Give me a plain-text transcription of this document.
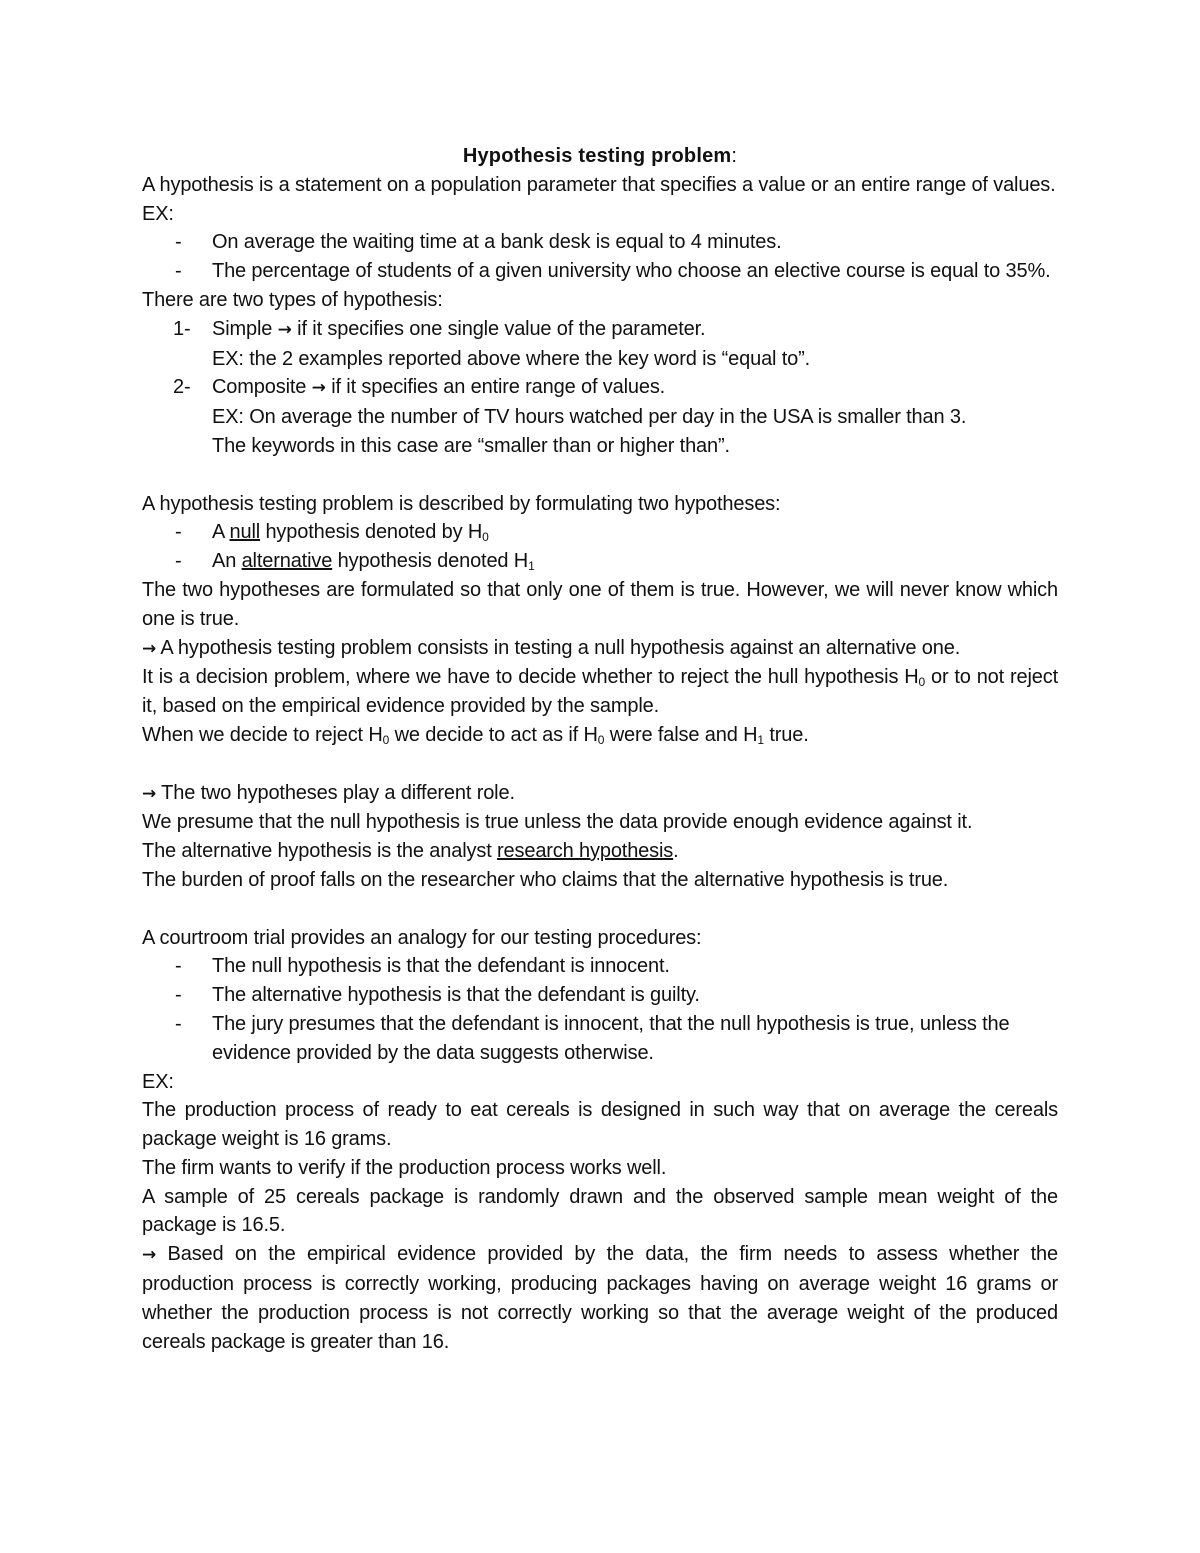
Hypothesis testing problem:

A hypothesis is a statement on a population parameter that specifies a value or an entire range of values.

EX:

- On average the waiting time at a bank desk is equal to 4 minutes.

- The percentage of students of a given university who choose an elective course is equal to 35%.

There are two types of hypothesis:

1- Simple → if it specifies one single value of the parameter.

EX: the 2 examples reported above where the key word is “equal to”.

2- Composite → if it specifies an entire range of values.

EX: On average the number of TV hours watched per day in the USA is smaller than 3.

The keywords in this case are “smaller than or higher than”.

A hypothesis testing problem is described by formulating two hypotheses:

- A null hypothesis denoted by $H_0$

- An alternative hypothesis denoted $H_1$

The two hypotheses are formulated so that only one of them is true. However, we will never know which one is true.

→ A hypothesis testing problem consists in testing a null hypothesis against an alternative one.

It is a decision problem, where we have to decide whether to reject the hull hypothesis $H_0$ or to not reject it, based on the empirical evidence provided by the sample.

When we decide to reject $H_0$ we decide to act as if $H_0$ were false and $H_1$ true.

→ The two hypotheses play a different role.

We presume that the null hypothesis is true unless the data provide enough evidence against it.

The alternative hypothesis is the analyst research hypothesis.

The burden of proof falls on the researcher who claims that the alternative hypothesis is true.

A courtroom trial provides an analogy for our testing procedures:

- The null hypothesis is that the defendant is innocent.

- The alternative hypothesis is that the defendant is guilty.

- The jury presumes that the defendant is innocent, that the null hypothesis is true, unless the evidence provided by the data suggests otherwise.

EX:

The production process of ready to eat cereals is designed in such way that on average the cereals package weight is 16 grams.

The firm wants to verify if the production process works well.

A sample of 25 cereals package is randomly drawn and the observed sample mean weight of the package is 16.5.

→ Based on the empirical evidence provided by the data, the firm needs to assess whether the production process is correctly working, producing packages having on average weight 16 grams or whether the production process is not correctly working so that the average weight of the produced cereals package is greater than 16.
